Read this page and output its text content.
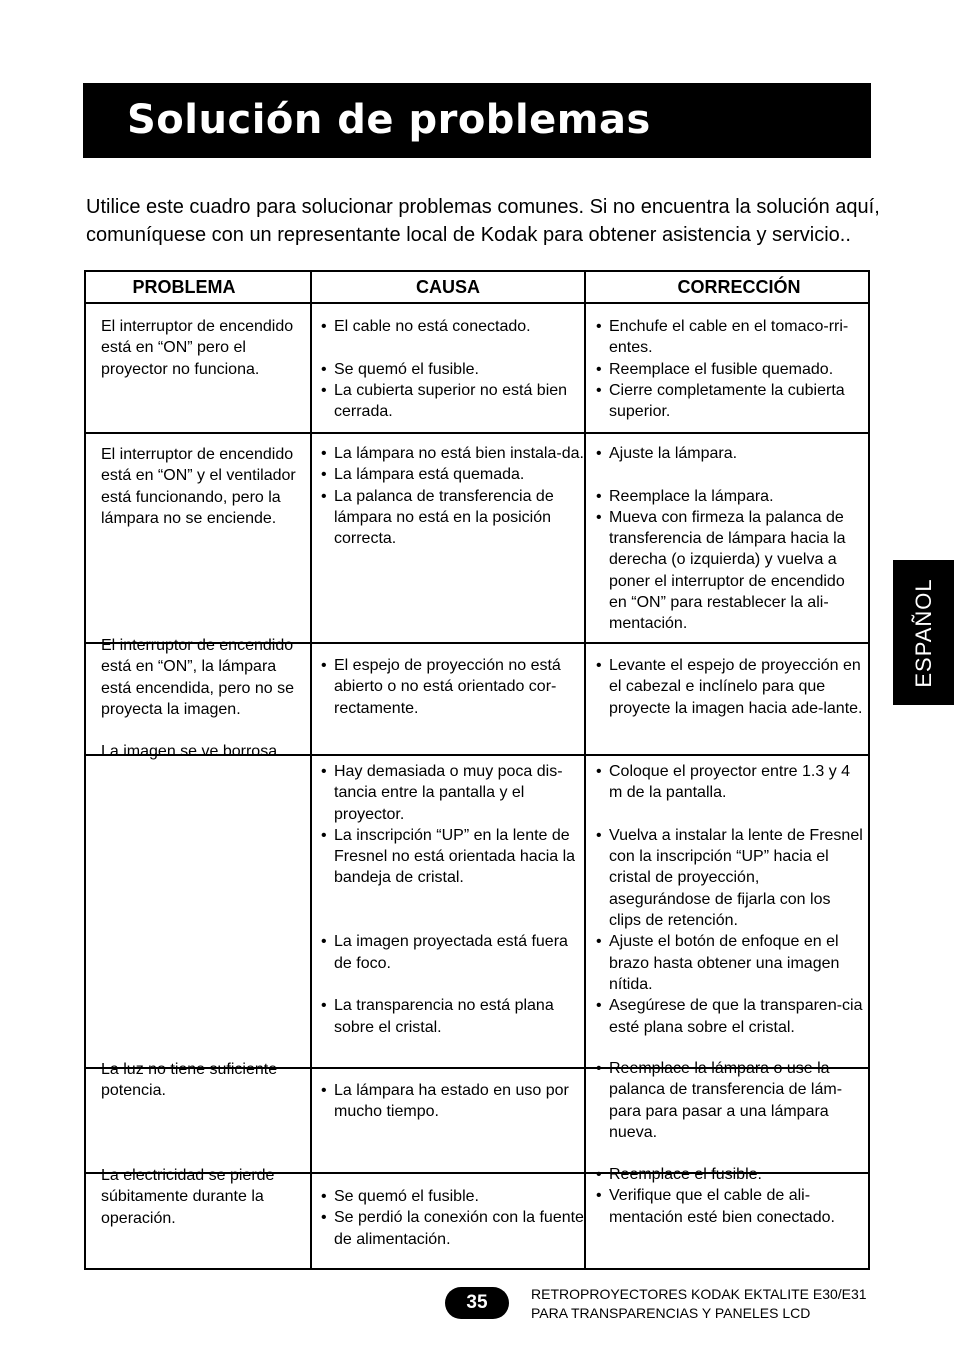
Solución de problemas

Utilice este cuadro para solucionar problemas comunes. Si no encuentra la solución aquí, comuníquese con un representante local de Kodak para obtener asistencia y servicio..

PROBLEMA	CAUSA	CORRECCIÓN

El interruptor de encendido está en “ON” pero el proyector no funciona.

• El cable no está conectado.
• Se quemó el fusible.
• La cubierta superior no está bien cerrada.
• Enchufe el cable en el tomaco-rri-entes.
• Reemplace el fusible quemado.
• Cierre completamente la cubierta superior.

El interruptor de encendido está en “ON” y el ventilador está funcionando, pero la lámpara no se enciende.

• La lámpara no está bien instala-da.
• La lámpara está quemada.
• La palanca de transferencia de lámpara no está en la posición correcta.
• Ajuste la lámpara.
• Reemplace la lámpara.
• Mueva con firmeza la palanca de transferencia de lámpara hacia la derecha (o izquierda) y vuelva a poner el interruptor de encendido en “ON” para restablecer la ali-mentación.

El interruptor de encendido está en “ON”, la lámpara está encendida, pero no se proyecta la imagen.

• El espejo de proyección no está abierto o no está orientado cor-rectamente.
• Levante el espejo de proyección en el cabezal e inclínelo para que proyecte la imagen hacia ade-lante.

La imagen se ve borrosa.

• Hay demasiada o muy poca dis-tancia entre la pantalla y el proyector.
• La inscripción “UP” en la lente de Fresnel no está orientada hacia la bandeja de cristal.
• La imagen proyectada está fuera de foco.
• La transparencia no está plana sobre el cristal.
• Coloque el proyector entre 1.3 y 4 m de la pantalla.
• Vuelva a instalar la lente de Fresnel con la inscripción “UP” hacia el cristal de proyección, asegurándose de fijarla con los clips de retención.
• Ajuste el botón de enfoque en el brazo hasta obtener una imagen nítida.
• Asegúrese de que la transparen-cia esté plana sobre el cristal.

La luz no tiene suficiente potencia.

•	La lámpara ha estado en uso por mucho tiempo.
• Reemplace la lámpara o use la palanca de transferencia de lám-para para pasar a una lámpara nueva.

La electricidad se pierde súbitamente durante la operación.

• Se quemó el fusible.
• Se perdió la conexión con la fuente de alimentación.
• Reemplace el fusible.
• Verifique que el cable de ali-mentación esté bien conectado.
ESPAÑOL
35	RETROPROYECTORES KODAK EKTALITE E30/E31
PARA TRANSPARENCIAS Y PANELES LCD
